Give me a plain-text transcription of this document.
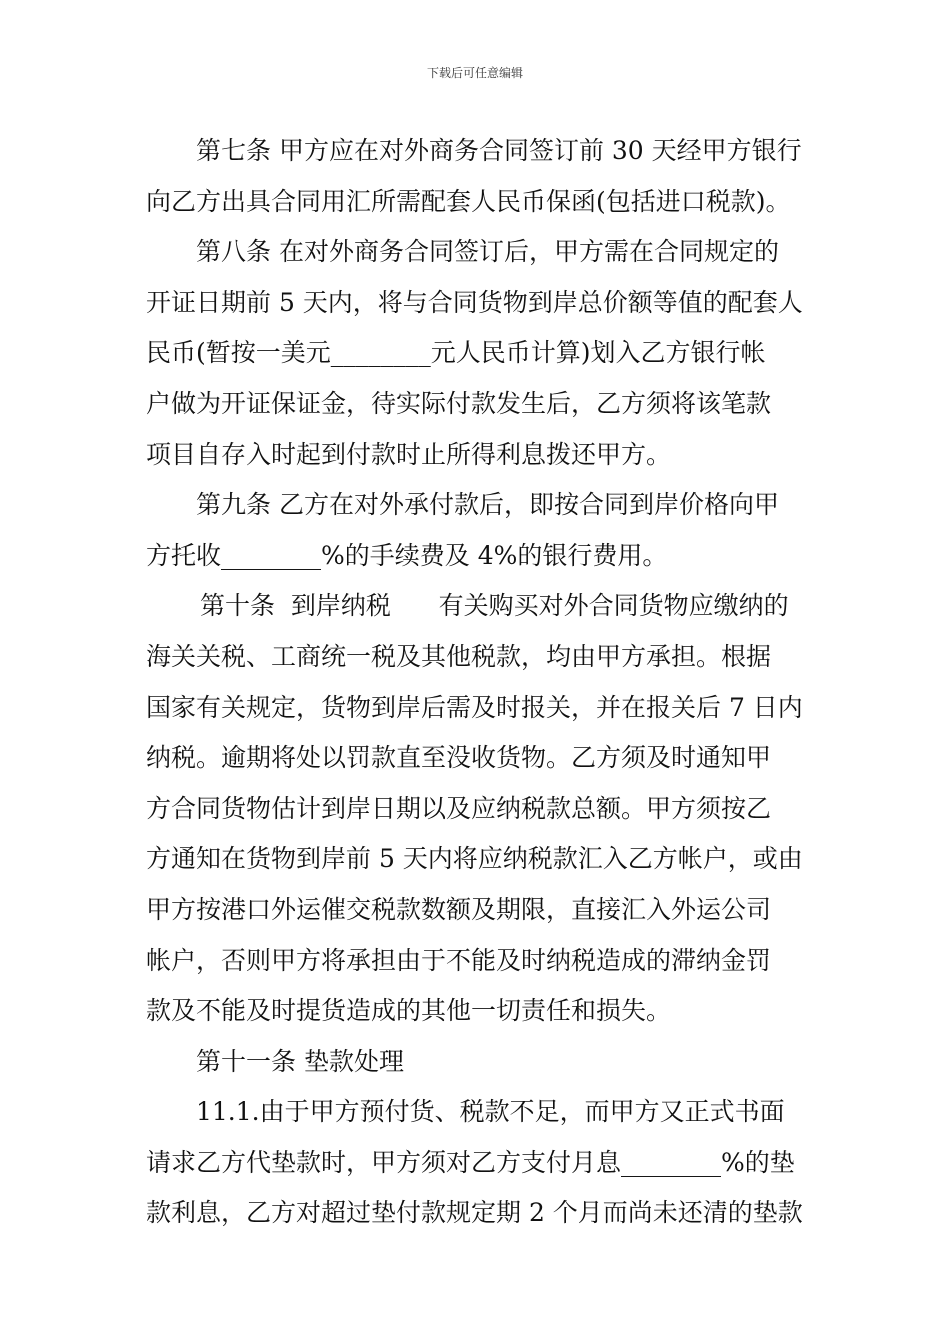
下载后可任意编辑
第七条 甲方应在对外商务合同签订前 30 天经甲方银行
向乙方出具合同用汇所需配套人民币保函(包括进口税款)。
第八条 在对外商务合同签订后，甲方需在合同规定的
开证日期前 5 天内，将与合同货物到岸总价额等值的配套人
民币(暂按一美元________元人民币计算)划入乙方银行帐
户做为开证保证金，待实际付款发生后，乙方须将该笔款
项目自存入时起到付款时止所得利息拨还甲方。
第九条 乙方在对外承付款后，即按合同到岸价格向甲
方托收________%的手续费及 4%的银行费用。
第十条  到岸纳税      有关购买对外合同货物应缴纳的
海关关税、工商统一税及其他税款，均由甲方承担。根据
国家有关规定，货物到岸后需及时报关，并在报关后 7 日内
纳税。逾期将处以罚款直至没收货物。乙方须及时通知甲
方合同货物估计到岸日期以及应纳税款总额。甲方须按乙
方通知在货物到岸前 5 天内将应纳税款汇入乙方帐户，或由
甲方按港口外运催交税款数额及期限，直接汇入外运公司
帐户，否则甲方将承担由于不能及时纳税造成的滞纳金罚
款及不能及时提货造成的其他一切责任和损失。
第十一条 垫款处理
11.1.由于甲方预付货、税款不足，而甲方又正式书面
请求乙方代垫款时，甲方须对乙方支付月息________%的垫
款利息，乙方对超过垫付款规定期 2 个月而尚未还清的垫款
